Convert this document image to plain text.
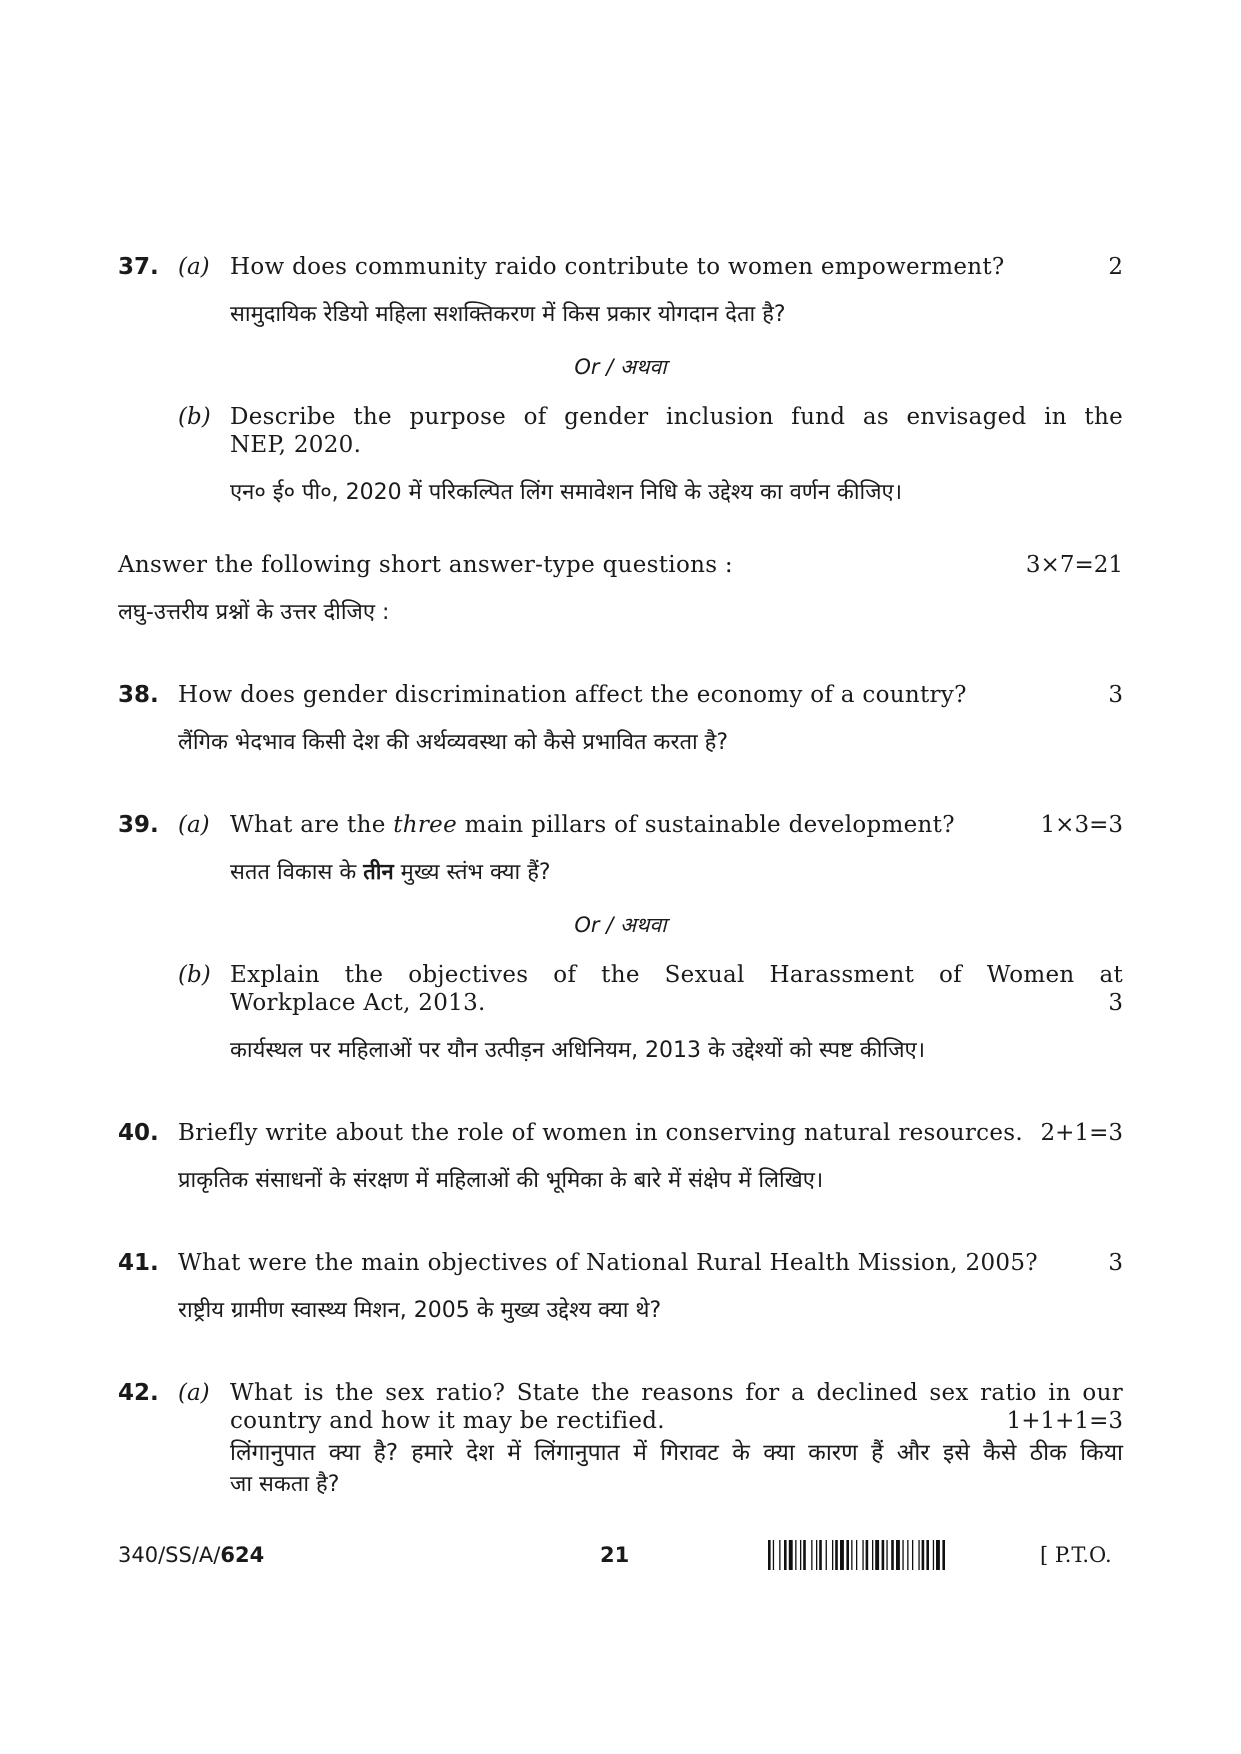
37. (a) How does community raido contribute to women empowerment?	2
सामुदायिक रेडियो महिला सशक्तिकरण में किस प्रकार योगदान देता है?
Or / अथवा
(b) Describe the purpose of gender inclusion fund as envisaged in the
NEP, 2020.
एन० ई० पी०, 2020 में परिकल्पित लिंग समावेशन निधि के उद्देश्य का वर्णन कीजिए।
Answer the following short answer-type questions :	3×7=21
लघु-उत्तरीय प्रश्नों के उत्तर दीजिए :
38. How does gender discrimination affect the economy of a country?	3
लैंगिक भेदभाव किसी देश की अर्थव्यवस्था को कैसे प्रभावित करता है?
39. (a) What are the three main pillars of sustainable development?	1×3=3
सतत विकास के तीन मुख्य स्तंभ क्या हैं?
Or / अथवा
(b) Explain the objectives of the Sexual Harassment of Women at
Workplace Act, 2013.	3
कार्यस्थल पर महिलाओं पर यौन उत्पीड़न अधिनियम, 2013 के उद्देश्यों को स्पष्ट कीजिए।
40. Briefly write about the role of women in conserving natural resources. 2+1=3
प्राकृतिक संसाधनों के संरक्षण में महिलाओं की भूमिका के बारे में संक्षेप में लिखिए।
41. What were the main objectives of National Rural Health Mission, 2005?	3
राष्ट्रीय ग्रामीण स्वास्थ्य मिशन, 2005 के मुख्य उद्देश्य क्या थे?
42. (a) What is the sex ratio? State the reasons for a declined sex ratio in our
country and how it may be rectified.	1+1+1=3
लिंगानुपात क्या है? हमारे देश में लिंगानुपात में गिरावट के क्या कारण हैं और इसे कैसे ठीक किया
जा सकता है?
340/SS/A/624	21	[ P.T.O.
